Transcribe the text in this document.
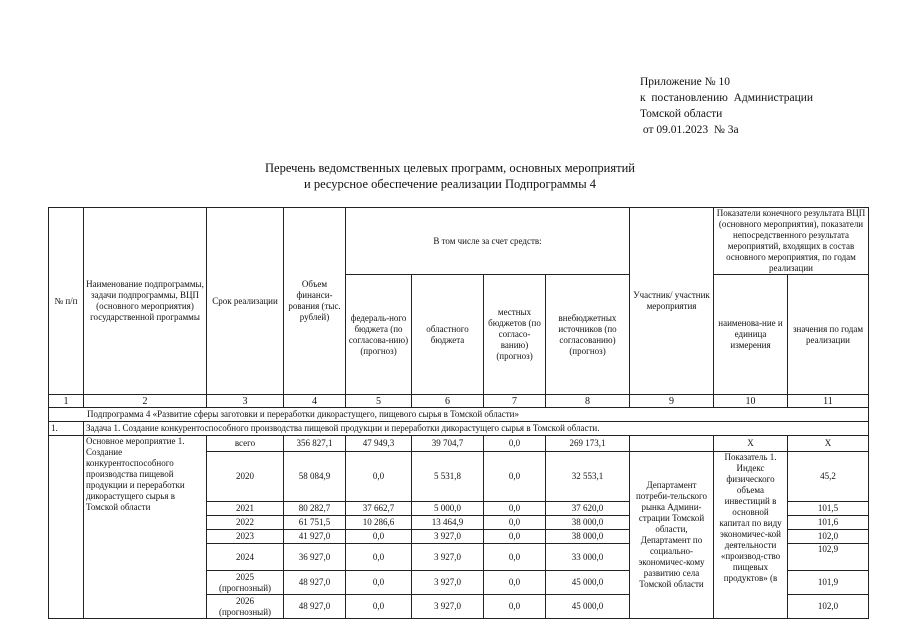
Приложение № 10
к  постановлению  Администрации
Томской области
от 09.01.2023  № 3а
Перечень ведомственных целевых программ, основных мероприятий
и ресурсное обеспечение реализации Подпрограммы 4
№ п/п	Наименование подпрограммы, задачи подпрограммы, ВЦП (основного мероприятия) государственной программы	Срок реализации	Объем финанси-рования (тыс. рублей)	В том числе за счет средств:				Участник/ участник мероприятия	Показатели конечного результата ВЦП (основного мероприятия), показатели непосредственного результата мероприятий, входящих в состав основного мероприятия, по годам реализации	
				федераль-ного бюджета (по согласова-нию) (прогноз)	областного бюджета	местных бюджетов (по согласо-ванию) (прогноз)	внебюджетных источников (по согласованию) (прогноз)		наименова-ние и единица измерения	значения по годам реализации
1	2	3	4	5	6	7	8	9	10	11
Подпрограмма 4 «Развитие сферы заготовки и переработки дикорастущего, пищевого сырья в Томской области»										
1.	Задача 1. Создание конкурентоспособного производства пищевой продукции и переработки дикорастущего сырья в Томской области.									
	Основное мероприятие 1. Создание конкурентоспособного производства пищевой продукции и переработки дикорастущего сырья в Томской области	всего	356 827,1	47 949,3	39 704,7	0,0	269 173,1		X	X
		2020	58 084,9	0,0	5 531,8	0,0	32 553,1	Департамент потреби-тельского рынка Админи-страции Томской области, Департамент по социально-экономичес-кому развитию села Томской области	Показатель 1. Индекс физического объема инвестиций в основной капитал по виду экономичес-кой деятельности «производ-ство пищевых продуктов» (в	45,2
		2021	80 282,7	37 662,7	5 000,0	0,0	37 620,0			101,5
		2022	61 751,5	10 286,6	13 464,9	0,0	38 000,0			101,6
		2023	41 927,0	0,0	3 927,0	0,0	38 000,0			102,0
		2024	36 927,0	0,0	3 927,0	0,0	33 000,0			102,9
		2025 (прогнозный)	48 927,0	0,0	3 927,0	0,0	45 000,0			101,9
		2026 (прогнозный)	48 927,0	0,0	3 927,0	0,0	45 000,0			102,0
